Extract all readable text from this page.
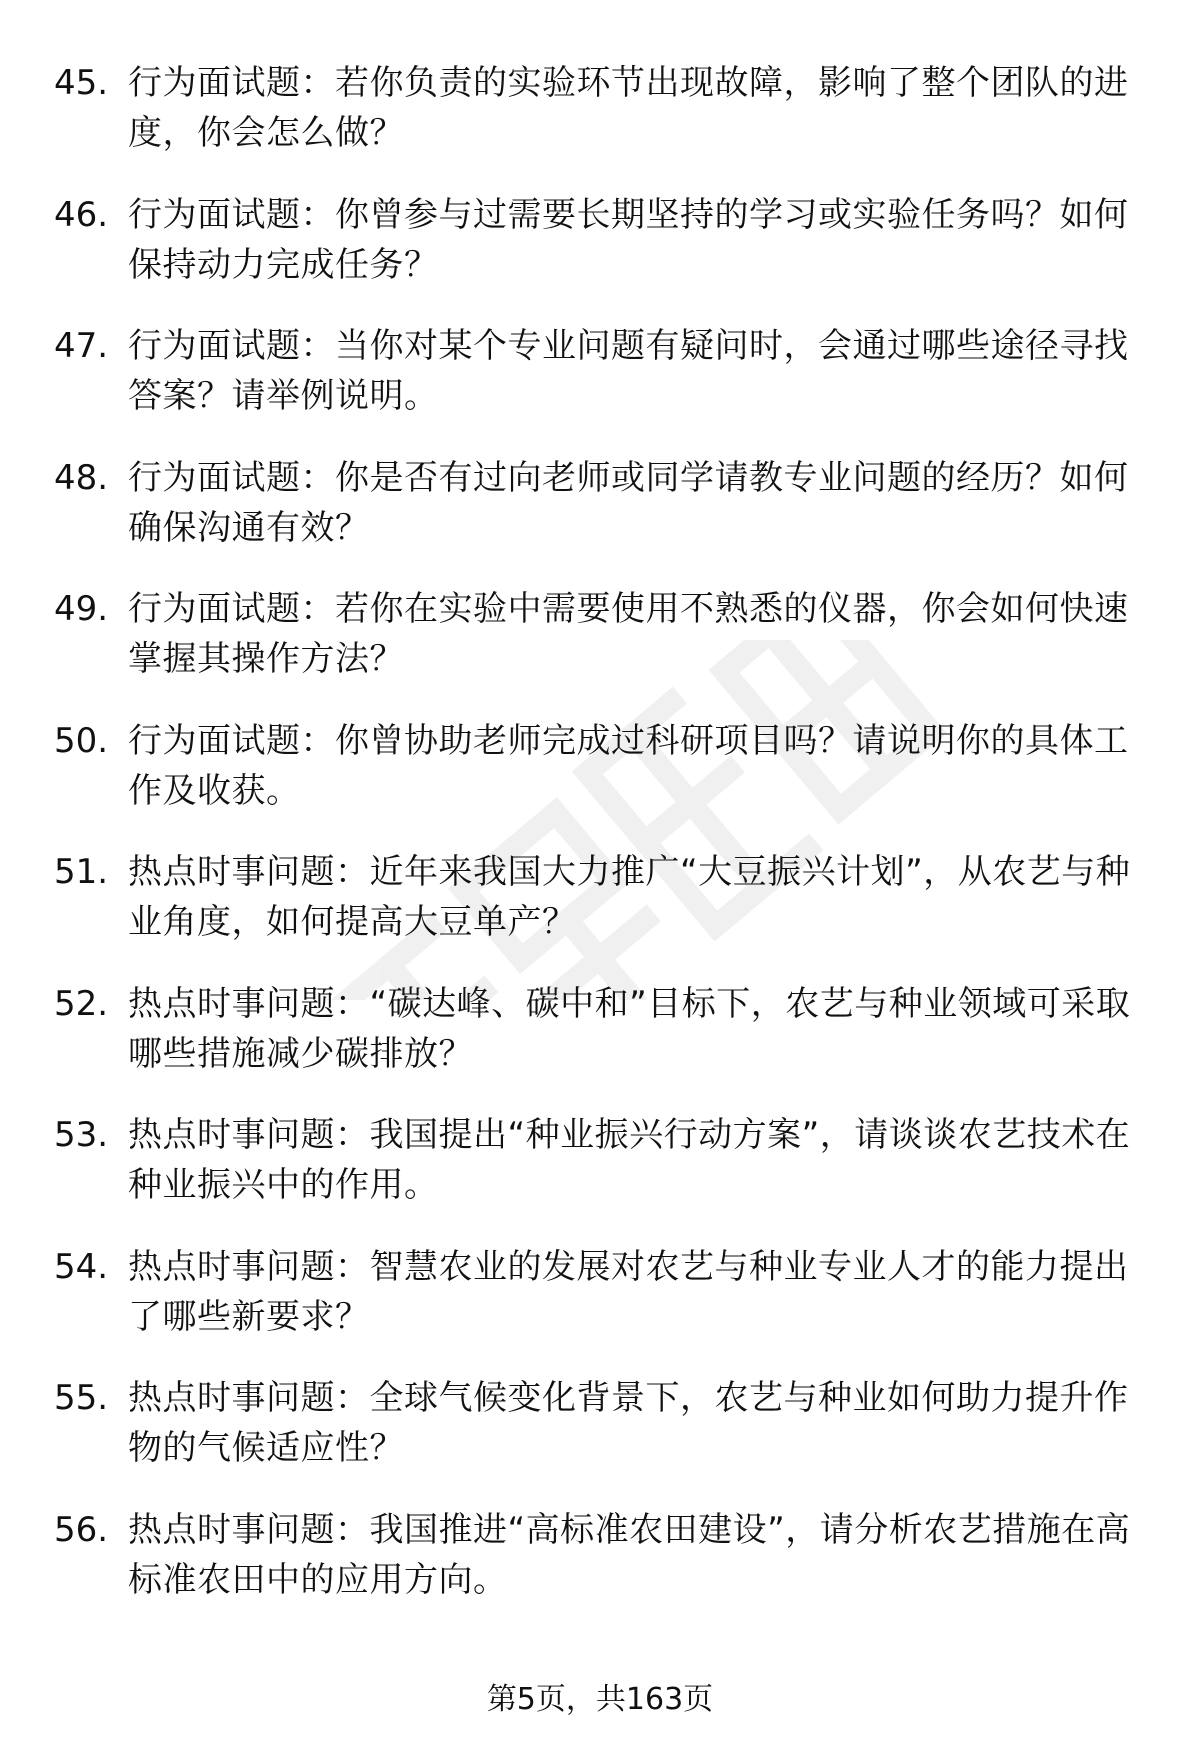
45. 行为面试题：若你负责的实验环节出现故障，影响了整个团队的进度，你会怎么做？
46. 行为面试题：你曾参与过需要长期坚持的学习或实验任务吗？如何保持动力完成任务？
47. 行为面试题：当你对某个专业问题有疑问时，会通过哪些途径寻找答案？请举例说明。
48. 行为面试题：你是否有过向老师或同学请教专业问题的经历？如何确保沟通有效？
49. 行为面试题：若你在实验中需要使用不熟悉的仪器，你会如何快速掌握其操作方法？
50. 行为面试题：你曾协助老师完成过科研项目吗？请说明你的具体工作及收获。
51. 热点时事问题：近年来我国大力推广“大豆振兴计划”，从农艺与种业角度，如何提高大豆单产？
52. 热点时事问题：“碳达峰、碳中和”目标下，农艺与种业领域可采取哪些措施减少碳排放？
53. 热点时事问题：我国提出“种业振兴行动方案”，请谈谈农艺技术在种业振兴中的作用。
54. 热点时事问题：智慧农业的发展对农艺与种业专业人才的能力提出了哪些新要求？
55. 热点时事问题：全球气候变化背景下，农艺与种业如何助力提升作物的气候适应性？
56. 热点时事问题：我国推进“高标准农田建设”，请分析农艺措施在高标准农田中的应用方向。
第5页，共163页
